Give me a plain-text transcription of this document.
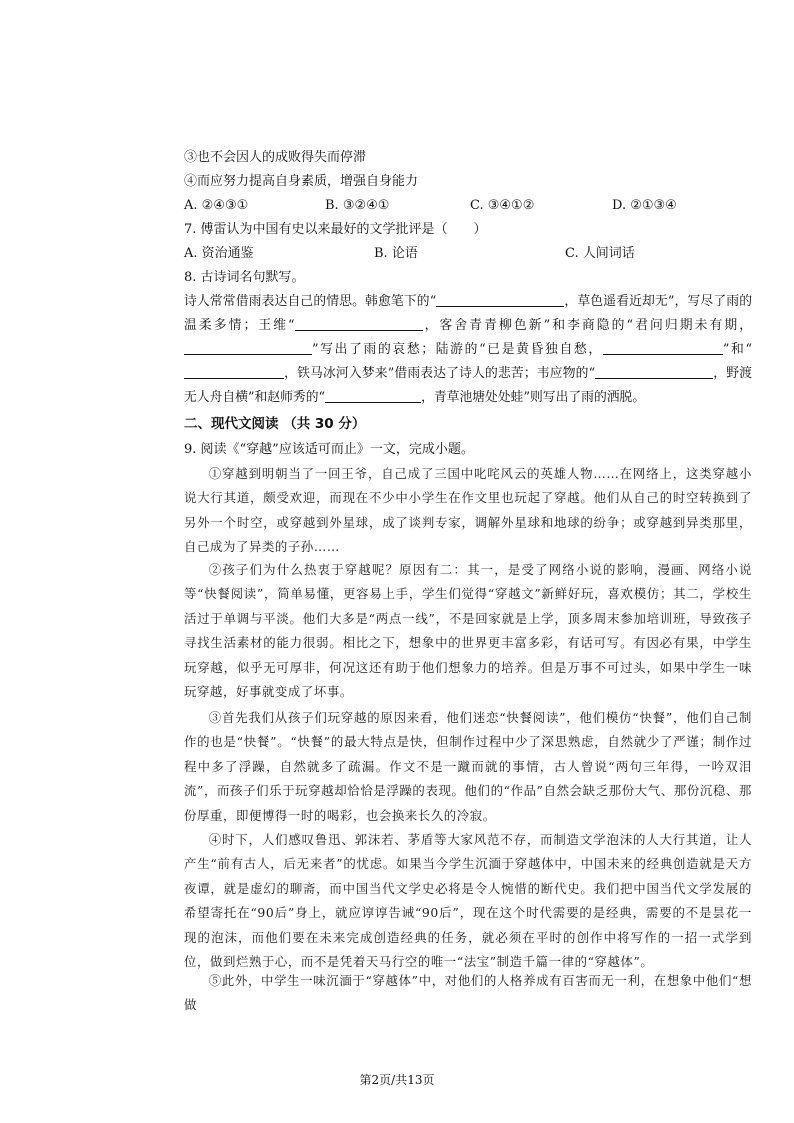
③也不会因人的成败得失而停滞
④而应努力提高自身素质，增强自身能力
A. ②④③①	B. ③②④①	C. ③④①②	D. ②①③④
7. 傅雷认为中国有史以来最好的文学批评是（　　）
A. 资治通鉴	B. 论语	C. 人间词话
8. 古诗词名句默写。
诗人常常借雨表达自己的情思。韩愈笔下的“	，草色遥看近却无”，写尽了雨的温柔多情；王维“	，客舍青青柳色新”和李商隐的“君问归期未有期，”写出了雨的哀愁；陆游的“已是黄昏独自愁，	”和“，铁马冰河入梦来”借雨表达了诗人的悲苦；韦应物的“	，野渡无人舟自横”和赵师秀的“	，青草池塘处处蛙”则写出了雨的洒脱。
二、现代文阅读 （共 30 分）
9. 阅读《“穿越”应该适可而止》一文，完成小题。
①穿越到明朝当了一回王爷，自己成了三国中叱咤风云的英雄人物……在网络上，这类穿越小说大行其道，颇受欢迎，而现在不少中小学生在作文里也玩起了穿越。他们从自己的时空转换到了另外一个时空，或穿越到外星球，成了谈判专家，调解外星球和地球的纷争；或穿越到异类那里，自己成为了异类的子孙……
②孩子们为什么热衷于穿越呢？原因有二：其一，是受了网络小说的影响，漫画、网络小说等“快餐阅读”，简单易懂，更容易上手，学生们觉得“穿越文”新鲜好玩，喜欢模仿；其二，学校生活过于单调与平淡。他们大多是“两点一线”，不是回家就是上学，顶多周末参加培训班，导致孩子寻找生活素材的能力很弱。相比之下，想象中的世界更丰富多彩，有话可写。有因必有果，中学生玩穿越，似乎无可厚非，何况这还有助于他们想象力的培养。但是万事不可过头，如果中学生一味玩穿越，好事就变成了坏事。
③首先我们从孩子们玩穿越的原因来看，他们迷恋“快餐阅读”，他们模仿“快餐”，他们自己制作的也是“快餐”。“快餐”的最大特点是快，但制作过程中少了深思熟虑，自然就少了严谨；制作过程中多了浮躁，自然就多了疏漏。作文不是一蹴而就的事情，古人曾说“两句三年得，一吟双泪流”，而孩子们乐于玩穿越却恰恰是浮躁的表现。他们的“作品”自然会缺乏那份大气、那份沉稳、那份厚重，即便博得一时的喝彩，也会换来长久的冷寂。
④时下，人们感叹鲁迅、郭沫若、茅盾等大家风范不存，而制造文学泡沫的人大行其道，让人产生“前有古人，后无来者”的忧虑。如果当今学生沉湎于穿越体中，中国未来的经典创造就是天方夜谭，就是虚幻的聊斋，而中国当代文学史必将是令人惋惜的断代史。我们把中国当代文学发展的希望寄托在“90后”身上，就应谆谆告诫“90后”，现在这个时代需要的是经典，需要的不是昙花一现的泡沫，而他们要在未来完成创造经典的任务，就必须在平时的创作中将写作的一招一式学到位，做到烂熟于心，而不是凭着天马行空的唯一“法宝”制造千篇一律的“穿越体”。
⑤此外，中学生一味沉湎于“穿越体”中，对他们的人格养成有百害而无一利，在想象中他们“想做
第2页/共13页
